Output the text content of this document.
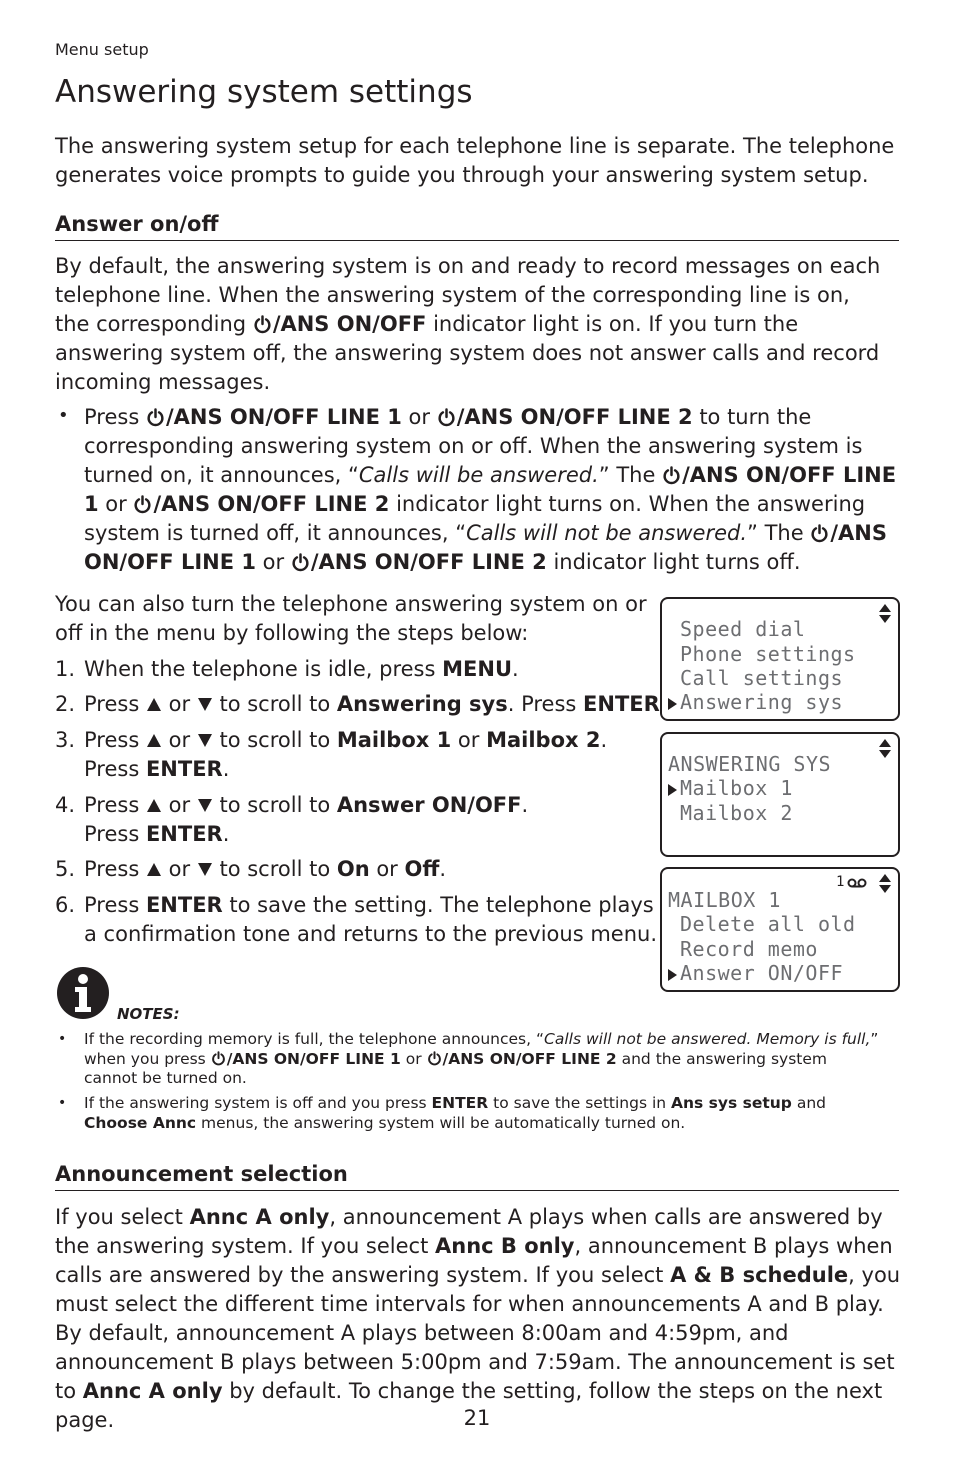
Menu setup
Answering system settings

The answering system setup for each telephone line is separate. The telephone generates voice prompts to guide you through your answering system setup.

Answer on/off

By default, the answering system is on and ready to record messages on each telephone line. When the answering system of the corresponding line is on, the corresponding /ANS ON/OFF indicator light is on. If you turn the answering system off, the answering system does not answer calls and record incoming messages.

• Press /ANS ON/OFF LINE 1 or /ANS ON/OFF LINE 2 to turn the corresponding answering system on or off. When the answering system is turned on, it announces, “Calls will be answered.” The /ANS ON/OFF LINE 1 or /ANS ON/OFF LINE 2 indicator light turns on. When the answering system is turned off, it announces, “Calls will not be answered.” The /ANS ON/OFF LINE 1 or /ANS ON/OFF LINE 2 indicator light turns off.

You can also turn the telephone answering system on or off in the menu by following the steps below:

1. When the telephone is idle, press MENU.
2. Press  or  to scroll to Answering sys. Press ENTER
3. Press  or  to scroll to Mailbox 1 or Mailbox 2.
Press ENTER.
4. Press  or  to scroll to Answer ON/OFF.
Press ENTER.
5. Press  or  to scroll to On or Off.
6. Press ENTER to save the setting. The telephone plays a confirmation tone and returns to the previous menu.
Speed dial
Phone settings
Call settings
Answering sys
ANSWERING SYS
Mailbox 1
Mailbox 2
1
MAILBOX 1
Delete all old
Record memo
Answer ON/OFF
NOTES:
• If the recording memory is full, the telephone announces, “Calls will not be answered. Memory is full,” when you press /ANS ON/OFF LINE 1 or /ANS ON/OFF LINE 2 and the answering system cannot be turned on.
• If the answering system is off and you press ENTER to save the settings in Ans sys setup and Choose Annc menus, the answering system will be automatically turned on.
Announcement selection

If you select Annc A only, announcement A plays when calls are answered by the answering system. If you select Annc B only, announcement B plays when calls are answered by the answering system. If you select A & B schedule, you must select the different time intervals for when announcements A and B play. By default, announcement A plays between 8:00am and 4:59pm, and announcement B plays between 5:00pm and 7:59am. The announcement is set to Annc A only by default. To change the setting, follow the steps on the next page.	21
